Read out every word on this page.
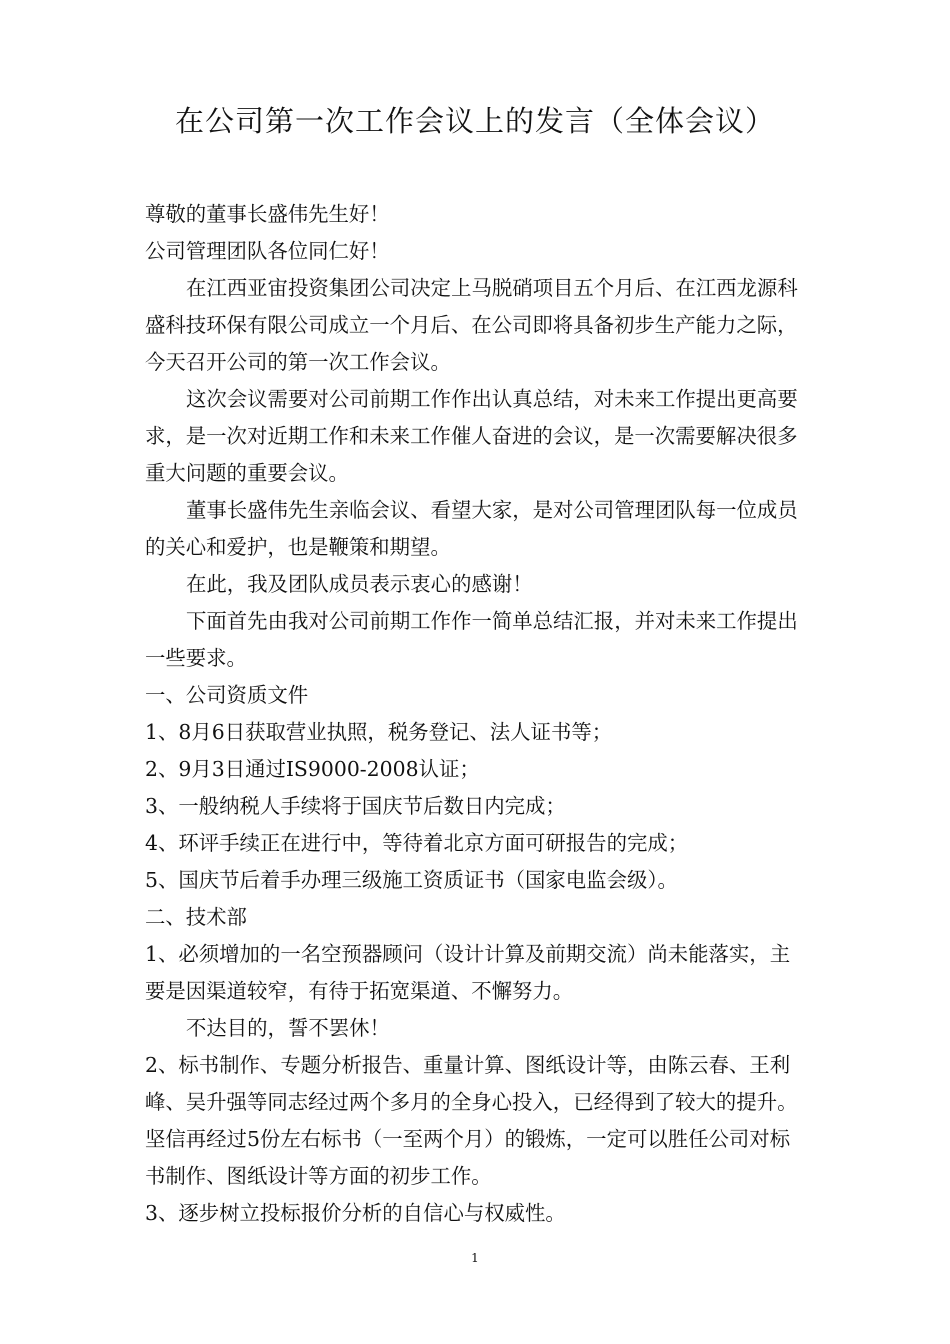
在公司第一次工作会议上的发言（全体会议）

尊敬的董事长盛伟先生好！

公司管理团队各位同仁好！

在江西亚宙投资集团公司决定上马脱硝项目五个月后、在江西龙源科盛科技环保有限公司成立一个月后、在公司即将具备初步生产能力之际，今天召开公司的第一次工作会议。

这次会议需要对公司前期工作作出认真总结，对未来工作提出更高要求，是一次对近期工作和未来工作催人奋进的会议，是一次需要解决很多重大问题的重要会议。

董事长盛伟先生亲临会议、看望大家，是对公司管理团队每一位成员的关心和爱护，也是鞭策和期望。

在此，我及团队成员表示衷心的感谢！

下面首先由我对公司前期工作作一简单总结汇报，并对未来工作提出一些要求。

一、公司资质文件

1、8月6日获取营业执照，税务登记、法人证书等；

2、9月3日通过IS9000-2008认证；

3、一般纳税人手续将于国庆节后数日内完成；

4、环评手续正在进行中，等待着北京方面可研报告的完成；

5、国庆节后着手办理三级施工资质证书（国家电监会级）。

二、技术部

1、必须增加的一名空预器顾问（设计计算及前期交流）尚未能落实，主要是因渠道较窄，有待于拓宽渠道、不懈努力。

不达目的，誓不罢休！

2、标书制作、专题分析报告、重量计算、图纸设计等，由陈云春、王利峰、吴升强等同志经过两个多月的全身心投入，已经得到了较大的提升。坚信再经过5份左右标书（一至两个月）的锻炼，一定可以胜任公司对标书制作、图纸设计等方面的初步工作。

3、逐步树立投标报价分析的自信心与权威性。

1
